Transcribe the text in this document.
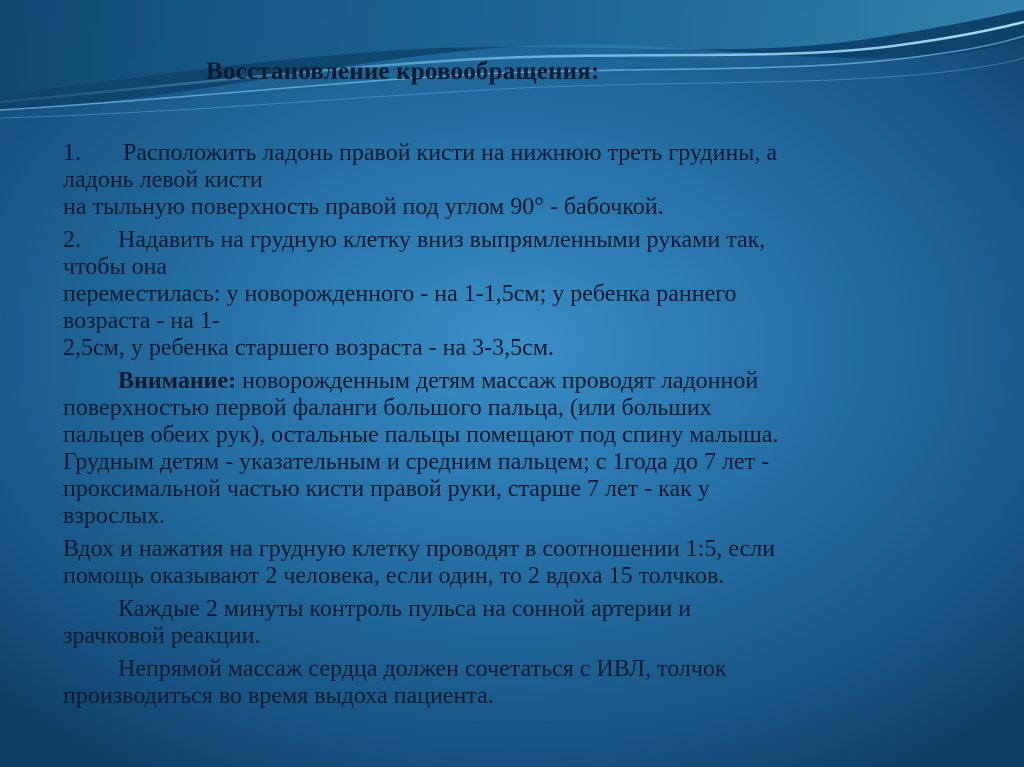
Восстановление кровообращения:
1. Расположить ладонь правой кисти на нижнюю треть грудины, а
ладонь левой кисти
на тыльную поверхность правой под углом 90° - бабочкой.
2. Надавить на грудную клетку вниз выпрямленными руками так,
чтобы она
переместилась: у новорожденного - на 1-1,5см; у ребенка раннего
возраста - на 1-
2,5см, у ребенка старшего возраста - на 3-3,5см.
Внимание: новорожденным детям массаж проводят ладонной
поверхностью первой фаланги большого пальца, (или больших
пальцев обеих рук), остальные пальцы помещают под спину малыша.
Грудным детям - указательным и средним пальцем; с 1года до 7 лет -
проксимальной частью кисти правой руки, старше 7 лет - как у
взрослых.
Вдох и нажатия на грудную клетку проводят в соотношении 1:5, если
помощь оказывают 2 человека, если один, то 2 вдоха 15 толчков.
Каждые 2 минуты контроль пульса на сонной артерии и
зрачковой реакции.
Непрямой массаж сердца должен сочетаться с ИВЛ, толчок
производиться во время выдоха пациента.
